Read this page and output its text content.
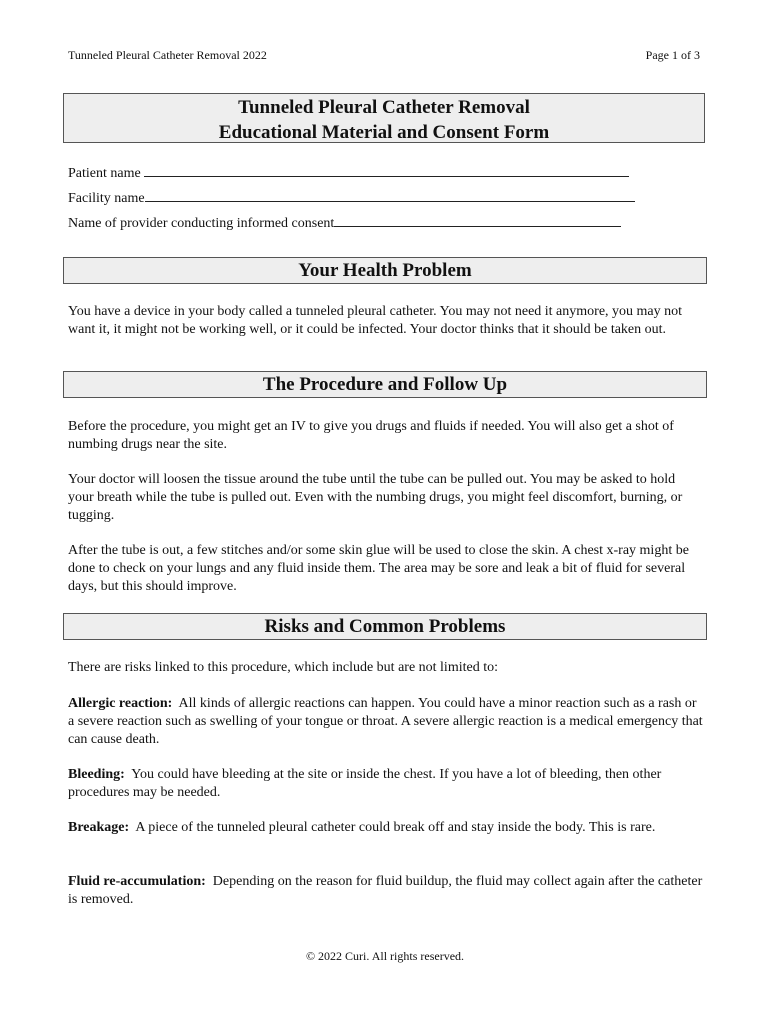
Tunneled Pleural Catheter Removal 2022	Page 1 of 3
Tunneled Pleural Catheter Removal
Educational Material and Consent Form
Patient name
Facility name
Name of provider conducting informed consent
Your Health Problem
You have a device in your body called a tunneled pleural catheter. You may not need it anymore, you may not want it, it might not be working well, or it could be infected. Your doctor thinks that it should be taken out.
The Procedure and Follow Up
Before the procedure, you might get an IV to give you drugs and fluids if needed. You will also get a shot of numbing drugs near the site.
Your doctor will loosen the tissue around the tube until the tube can be pulled out. You may be asked to hold your breath while the tube is pulled out. Even with the numbing drugs, you might feel discomfort, burning, or tugging.
After the tube is out, a few stitches and/or some skin glue will be used to close the skin. A chest x-ray might be done to check on your lungs and any fluid inside them. The area may be sore and leak a bit of fluid for several days, but this should improve.
Risks and Common Problems
There are risks linked to this procedure, which include but are not limited to:
Allergic reaction: All kinds of allergic reactions can happen. You could have a minor reaction such as a rash or a severe reaction such as swelling of your tongue or throat. A severe allergic reaction is a medical emergency that can cause death.
Bleeding: You could have bleeding at the site or inside the chest. If you have a lot of bleeding, then other procedures may be needed.
Breakage: A piece of the tunneled pleural catheter could break off and stay inside the body. This is rare.
Fluid re-accumulation: Depending on the reason for fluid buildup, the fluid may collect again after the catheter is removed.
© 2022 Curi. All rights reserved.
